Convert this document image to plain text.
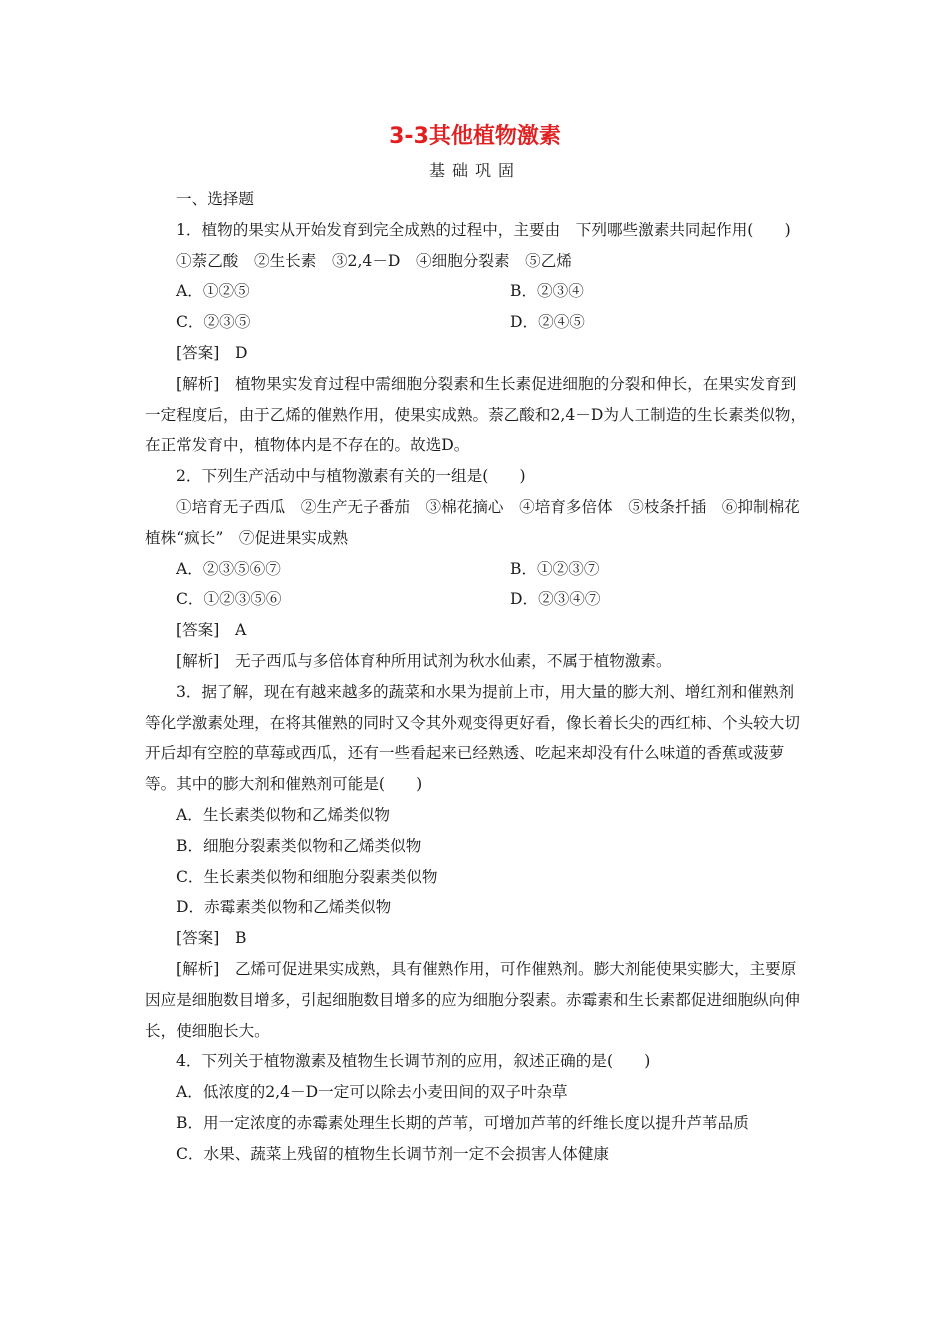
3-3其他植物激素
基础巩固

一、选择题

1．植物的果实从开始发育到完全成熟的过程中，主要由　下列哪些激素共同起作用(　　)

①萘乙酸　②生长素　③2,4－D　④细胞分裂素　⑤乙烯

A．①②⑤	B．②③④
C．②③⑤	D．②④⑤

[答案]　D

[解析]　植物果实发育过程中需细胞分裂素和生长素促进细胞的分裂和伸长，在果实发育到一定程度后，由于乙烯的催熟作用，使果实成熟。萘乙酸和2,4－D为人工制造的生长素类似物，在正常发育中，植物体内是不存在的。故选D。

2．下列生产活动中与植物激素有关的一组是(　　)

①培育无子西瓜　②生产无子番茄　③棉花摘心　④培育多倍体　⑤枝条扦插　⑥抑制棉花植株“疯长”　⑦促进果实成熟

A．②③⑤⑥⑦	B．①②③⑦
C．①②③⑤⑥	D．②③④⑦

[答案]　A

[解析]　无子西瓜与多倍体育种所用试剂为秋水仙素，不属于植物激素。

3．据了解，现在有越来越多的蔬菜和水果为提前上市，用大量的膨大剂、增红剂和催熟剂等化学激素处理，在将其催熟的同时又令其外观变得更好看，像长着长尖的西红柿、个头较大切开后却有空腔的草莓或西瓜，还有一些看起来已经熟透、吃起来却没有什么味道的香蕉或菠萝等。其中的膨大剂和催熟剂可能是(　　)

A．生长素类似物和乙烯类似物

B．细胞分裂素类似物和乙烯类似物

C．生长素类似物和细胞分裂素类似物

D．赤霉素类似物和乙烯类似物

[答案]　B

[解析]　乙烯可促进果实成熟，具有催熟作用，可作催熟剂。膨大剂能使果实膨大，主要原因应是细胞数目增多，引起细胞数目增多的应为细胞分裂素。赤霉素和生长素都促进细胞纵向伸长，使细胞长大。

4．下列关于植物激素及植物生长调节剂的应用，叙述正确的是(　　)

A．低浓度的2,4－D一定可以除去小麦田间的双子叶杂草

B．用一定浓度的赤霉素处理生长期的芦苇，可增加芦苇的纤维长度以提升芦苇品质

C．水果、蔬菜上残留的植物生长调节剂一定不会损害人体健康
